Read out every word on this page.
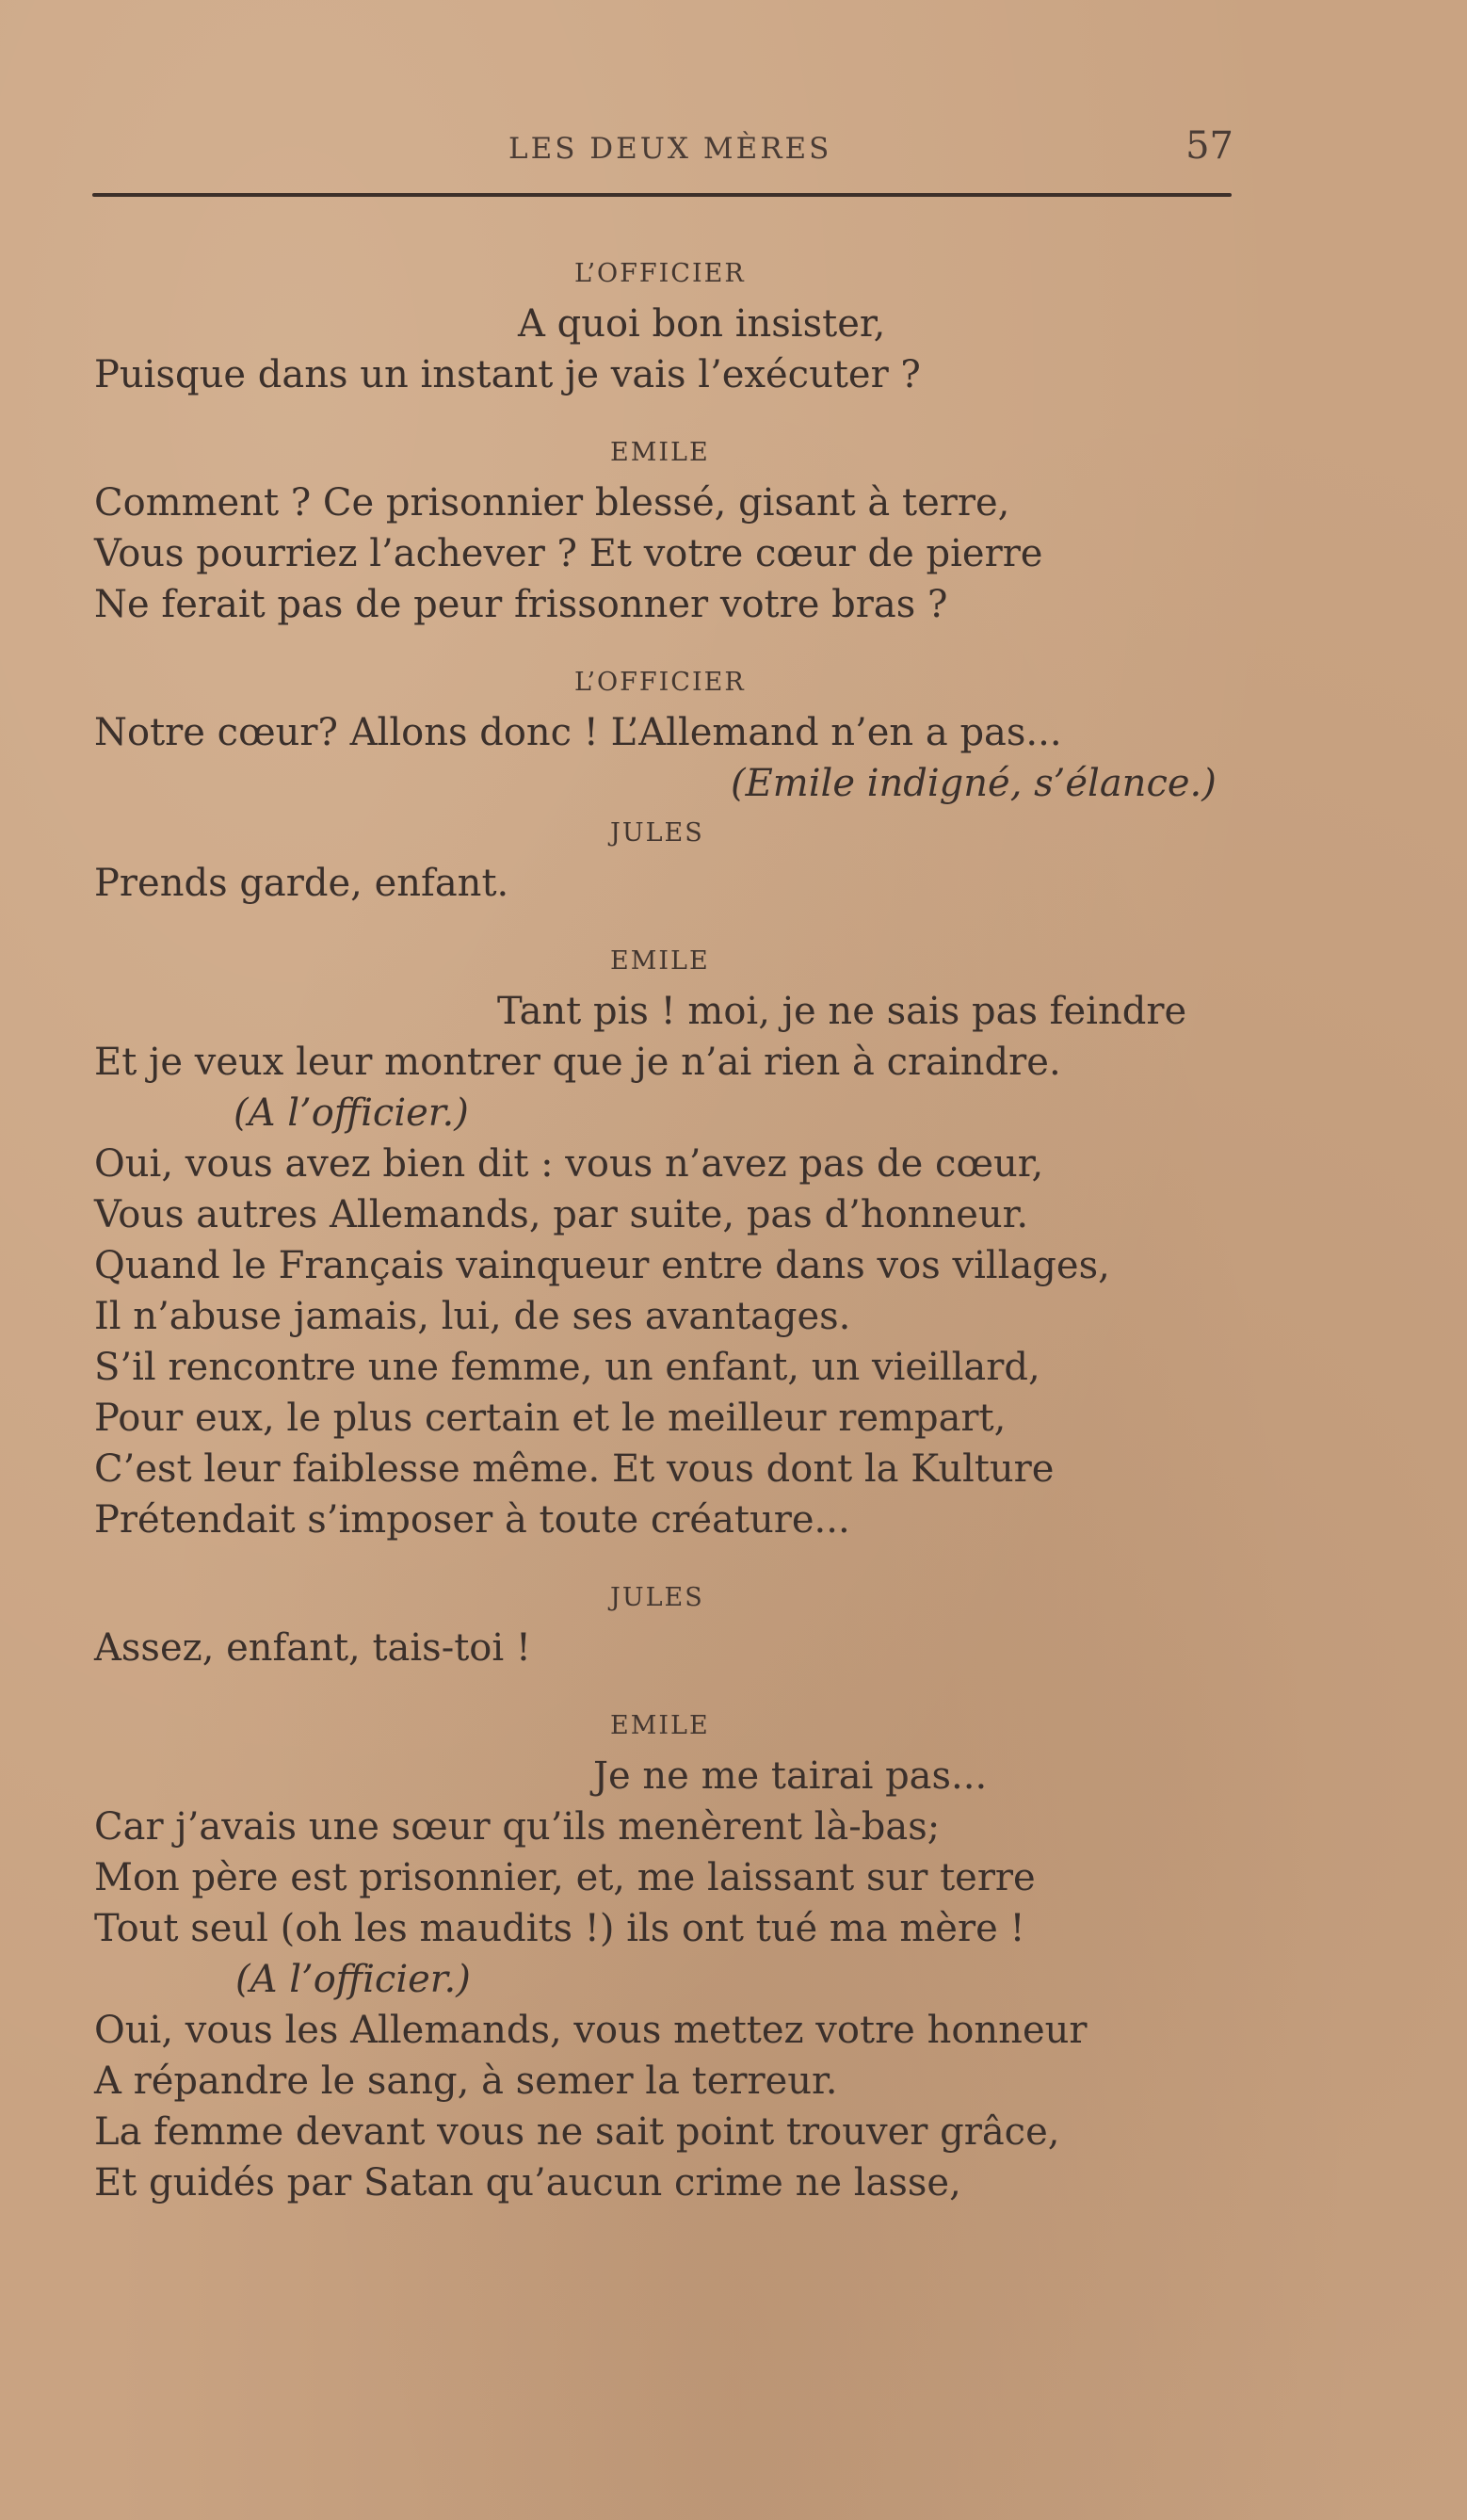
LES DEUX MÈRES	57
L’OFFICIER
A quoi bon insister,
Puisque dans un instant je vais l’exécuter ?
EMILE
Comment ? Ce prisonnier blessé, gisant à terre,
Vous pourriez l’achever ? Et votre cœur de pierre
Ne ferait pas de peur frissonner votre bras ?
L’OFFICIER
Notre cœur? Allons donc ! L’Allemand n’en a pas...
(Emile indigné, s’élance.)
JULES
Prends garde, enfant.
EMILE
Tant pis ! moi, je ne sais pas feindre
Et je veux leur montrer que je n’ai rien à craindre.
(A l’officier.)
Oui, vous avez bien dit : vous n’avez pas de cœur,
Vous autres Allemands, par suite, pas d’honneur.
Quand le Français vainqueur entre dans vos villages,
Il n’abuse jamais, lui, de ses avantages.
S’il rencontre une femme, un enfant, un vieillard,
Pour eux, le plus certain et le meilleur rempart,
C’est leur faiblesse même. Et vous dont la Kulture
Prétendait s’imposer à toute créature...
JULES
Assez, enfant, tais-toi !
EMILE
Je ne me tairai pas...
Car j’avais une sœur qu’ils menèrent là-bas;
Mon père est prisonnier, et, me laissant sur terre
Tout seul (oh les maudits !) ils ont tué ma mère !
(A l’officier.)
Oui, vous les Allemands, vous mettez votre honneur
A répandre le sang, à semer la terreur.
La femme devant vous ne sait point trouver grâce,
Et guidés par Satan qu’aucun crime ne lasse,
